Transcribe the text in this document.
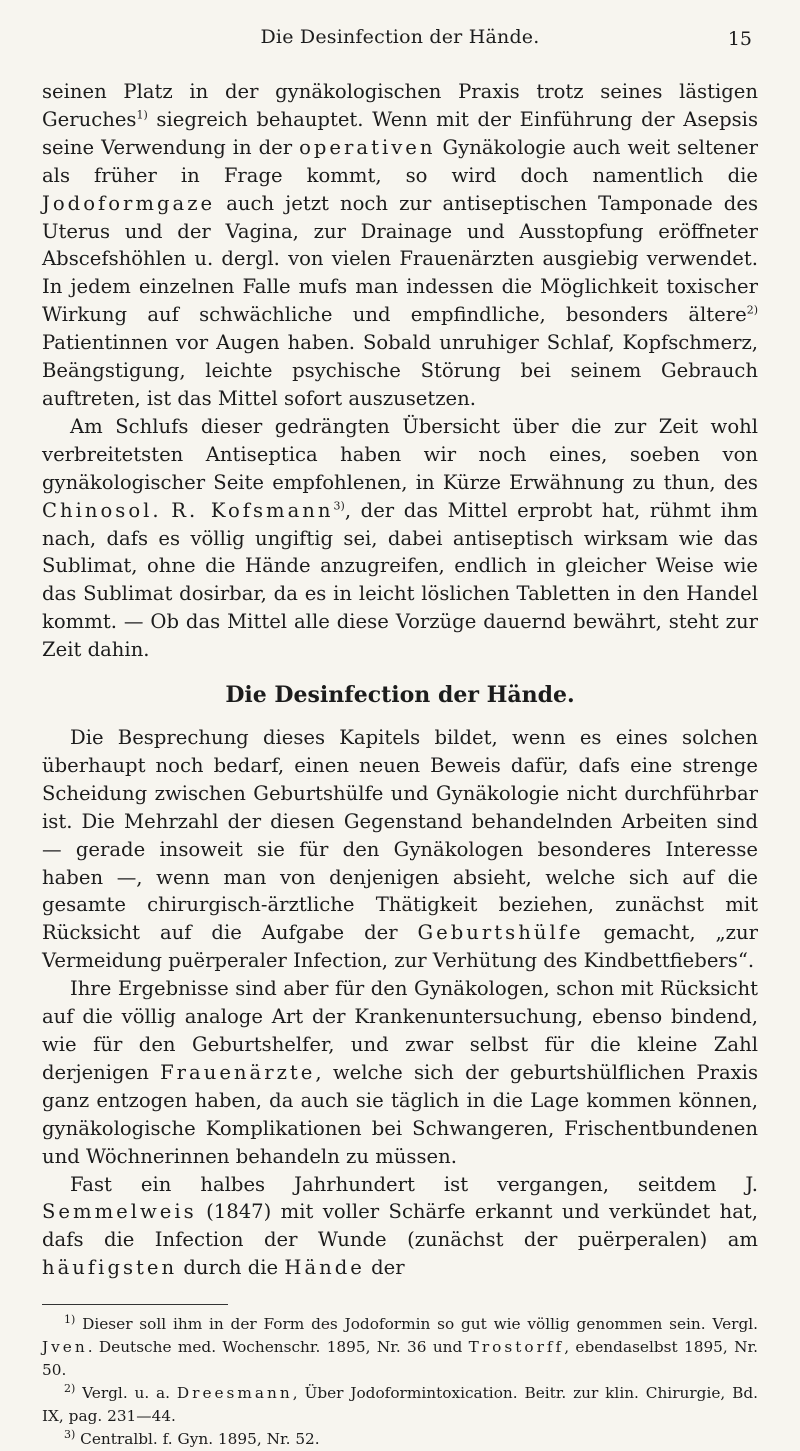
Die Desinfection der Hände.	15

seinen Platz in der gynäkologischen Praxis trotz seines lästigen Geruches$^{1)}$ siegreich behauptet. Wenn mit der Einführung der Asepsis seine Verwendung in der operativen Gynäkologie auch weit seltener als früher in Frage kommt, so wird doch namentlich die Jodoformgaze auch jetzt noch zur antiseptischen Tamponade des Uterus und der Vagina, zur Drainage und Ausstopfung eröffneter Abscefshöhlen u. dergl. von vielen Frauenärzten ausgiebig verwendet. In jedem einzelnen Falle mufs man indessen die Möglichkeit toxischer Wirkung auf schwächliche und empfindliche, besonders ältere$^{2)}$ Patientinnen vor Augen haben. Sobald unruhiger Schlaf, Kopfschmerz, Beängstigung, leichte psychische Störung bei seinem Gebrauch auftreten, ist das Mittel sofort auszusetzen.

Am Schlufs dieser gedrängten Übersicht über die zur Zeit wohl verbreitetsten Antiseptica haben wir noch eines, soeben von gynäkologischer Seite empfohlenen, in Kürze Erwähnung zu thun, des Chinosol. R. Kofsmann$^{3)}$, der das Mittel erprobt hat, rühmt ihm nach, dafs es völlig ungiftig sei, dabei antiseptisch wirksam wie das Sublimat, ohne die Hände anzugreifen, endlich in gleicher Weise wie das Sublimat dosirbar, da es in leicht löslichen Tabletten in den Handel kommt. — Ob das Mittel alle diese Vorzüge dauernd bewährt, steht zur Zeit dahin.

Die Desinfection der Hände.

Die Besprechung dieses Kapitels bildet, wenn es eines solchen überhaupt noch bedarf, einen neuen Beweis dafür, dafs eine strenge Scheidung zwischen Geburtshülfe und Gynäkologie nicht durchführbar ist. Die Mehrzahl der diesen Gegenstand behandelnden Arbeiten sind — gerade insoweit sie für den Gynäkologen besonderes Interesse haben —, wenn man von denjenigen absieht, welche sich auf die gesamte chirurgisch-ärztliche Thätigkeit beziehen, zunächst mit Rücksicht auf die Aufgabe der Geburtshülfe gemacht, „zur Vermeidung puërperaler Infection, zur Verhütung des Kindbettfiebers“.

Ihre Ergebnisse sind aber für den Gynäkologen, schon mit Rücksicht auf die völlig analoge Art der Krankenuntersuchung, ebenso bindend, wie für den Geburtshelfer, und zwar selbst für die kleine Zahl derjenigen Frauenärzte, welche sich der geburtshülflichen Praxis ganz entzogen haben, da auch sie täglich in die Lage kommen können, gynäkologische Komplikationen bei Schwangeren, Frischentbundenen und Wöchnerinnen behandeln zu müssen.

Fast ein halbes Jahrhundert ist vergangen, seitdem J. Semmelweis (1847) mit voller Schärfe erkannt und verkündet hat, dafs die Infection der Wunde (zunächst der puërperalen) am häufigsten durch die Hände der

$^{1)}$ Dieser soll ihm in der Form des Jodoformin so gut wie völlig genommen sein. Vergl. Jven. Deutsche med. Wochenschr. 1895, Nr. 36 und Trostorff, ebendaselbst 1895, Nr. 50.

$^{2)}$ Vergl. u. a. Dreesmann, Über Jodoformintoxication. Beitr. zur klin. Chirurgie, Bd. IX, pag. 231—44.

$^{3)}$ Centralbl. f. Gyn. 1895, Nr. 52.
